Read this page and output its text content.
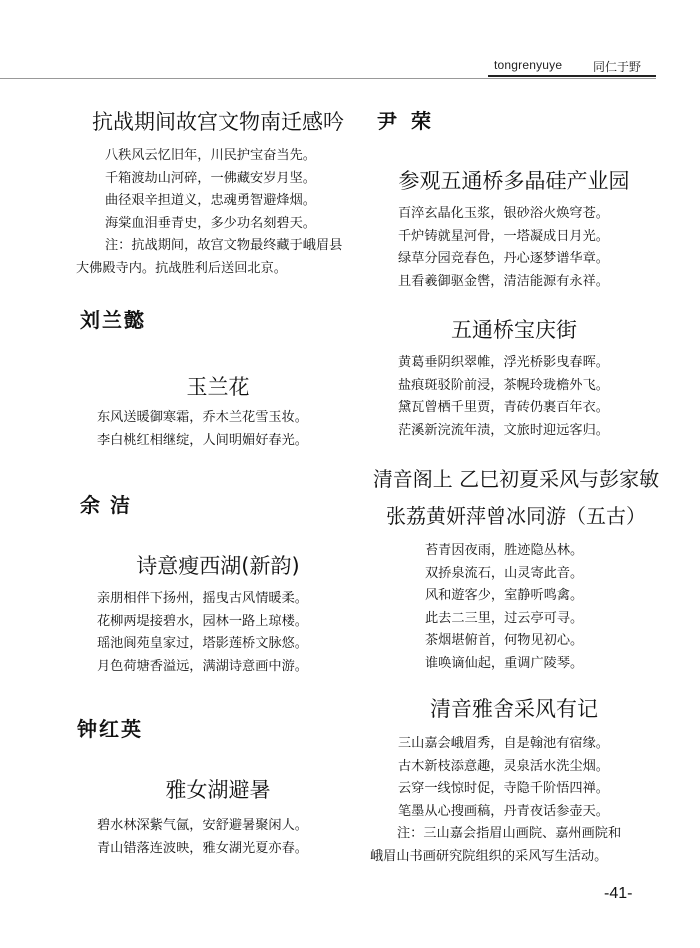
tongrenyuye	同仁于野
抗战期间故宫文物南迁感吟
八秩风云忆旧年，川民护宝奋当先。
千箱渡劫山河碎，一佛藏安岁月坚。
曲径艰辛担道义，忠魂勇智避烽烟。
海棠血泪垂青史，多少功名刻碧天。
注：抗战期间，故宫文物最终藏于峨眉县
大佛殿寺内。抗战胜利后送回北京。
刘兰懿
玉兰花
东风送暖御寒霜，乔木兰花雪玉妆。
李白桃红相继绽，人间明媚好春光。
余洁
诗意瘦西湖(新韵)
亲朋相伴下扬州，摇曳古风情暖柔。
花柳两堤接碧水，园林一路上琼楼。
瑶池阆苑皇家过，塔影莲桥文脉悠。
月色荷塘香溢远，满湖诗意画中游。
钟红英
雅女湖避暑
碧水林深紫气氤，安舒避暑聚闲人。
青山错落连波映，雅女湖光夏亦春。
尹荣
参观五通桥多晶硅产业园
百淬玄晶化玉浆，银砂浴火焕穹苍。
千炉铸就星河骨，一塔凝成日月光。
绿草分园竞春色，丹心逐梦谱华章。
且看羲御驱金辔，清洁能源有永祥。
五通桥宝庆街
黄葛垂阴织翠帷，浮光桥影曳春晖。
盐痕斑驳阶前浸，茶幌玲珑檐外飞。
黛瓦曾栖千里贾，青砖仍裹百年衣。
茫溪新浣流年渍，文旅时迎远客归。
清音阁上 乙巳初夏采风与彭家敏
张荔黄妍萍曾冰同游（五古）
苔青因夜雨，胜迹隐丛林。
双挢泉流石，山灵寄此音。
风和遊客少，室静听鸣禽。
此去二三里，过云亭可寻。
茶烟堪俯首，何物见初心。
谁唤谪仙起，重调广陵琴。
清音雅舍采风有记
三山嘉会峨眉秀，自是翰池有宿缘。
古木新枝添意趣，灵泉活水洗尘烟。
云穿一线惊时促，寺隐千阶悟四禅。
笔墨从心搜画稿，丹青夜话参壶天。
注：三山嘉会指眉山画院、嘉州画院和
峨眉山书画研究院组织的采风写生活动。
-41-
